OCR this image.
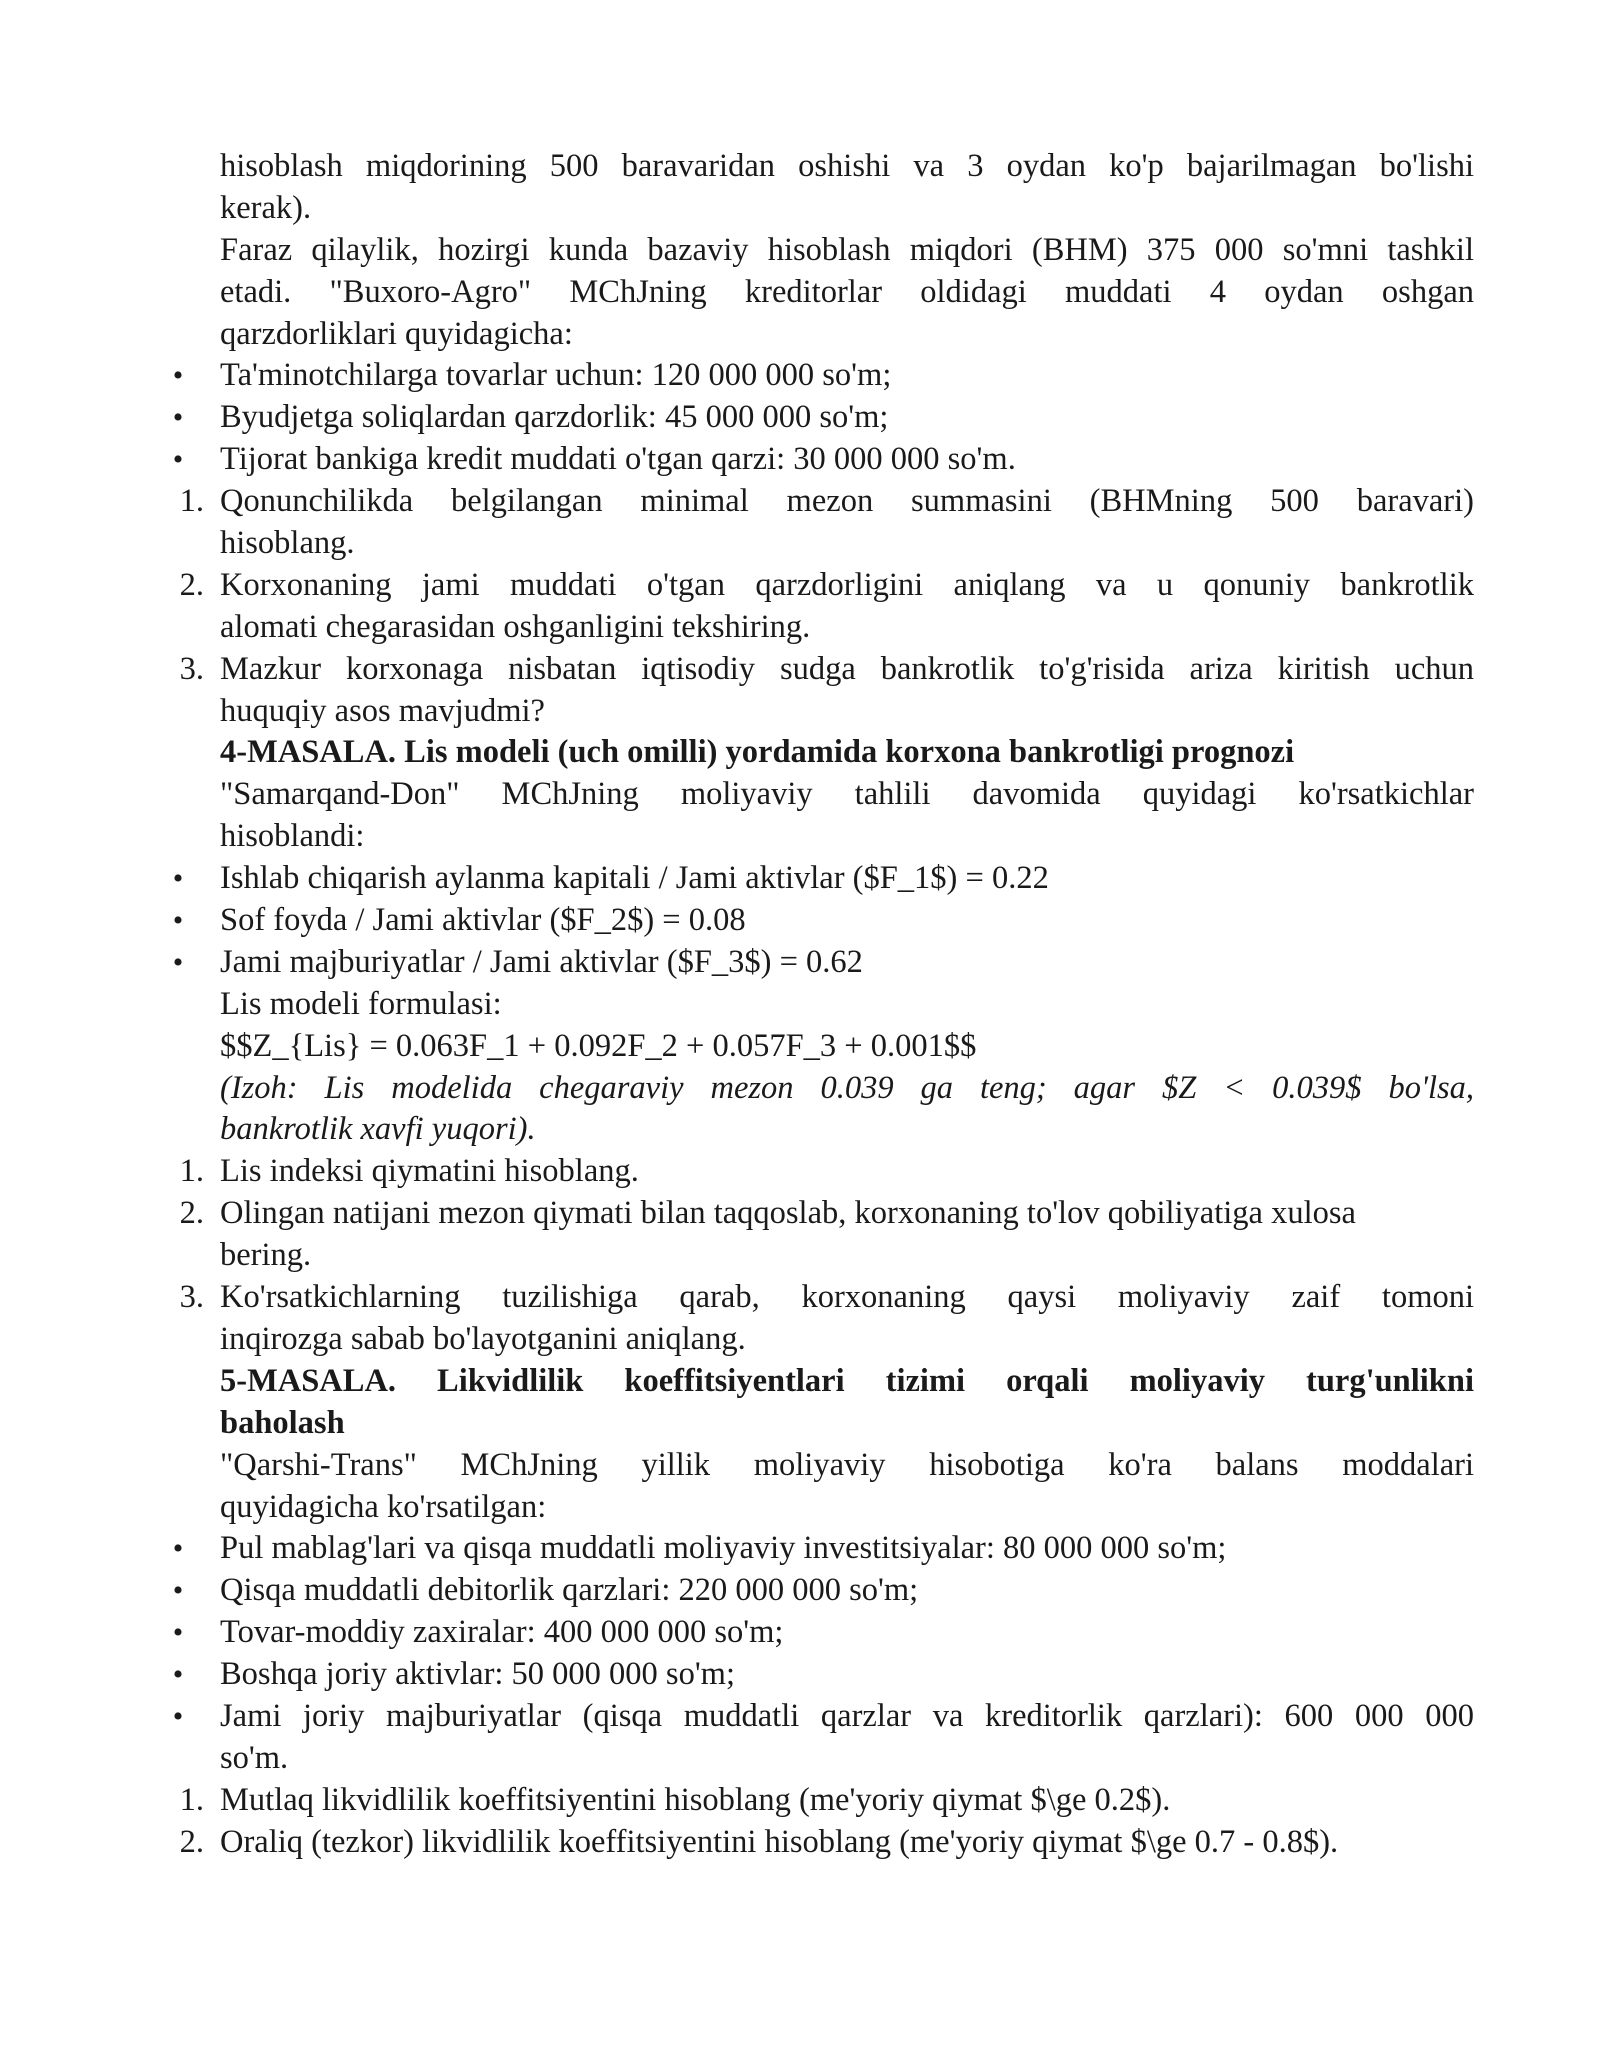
hisoblash miqdorining 500 baravaridan oshishi va 3 oydan ko'p bajarilmagan bo'lishi
kerak).
Faraz qilaylik, hozirgi kunda bazaviy hisoblash miqdori (BHM) 375 000 so'mni tashkil
etadi. "Buxoro-Agro" MChJning kreditorlar oldidagi muddati 4 oydan oshgan
qarzdorliklari quyidagicha:
•	Ta'minotchilarga tovarlar uchun: 120 000 000 so'm;
•	Byudjetga soliqlardan qarzdorlik: 45 000 000 so'm;
•	Tijorat bankiga kredit muddati o'tgan qarzi: 30 000 000 so'm.
1. Qonunchilikda belgilangan minimal mezon summasini (BHMning 500 baravari)
hisoblang.
2. Korxonaning jami muddati o'tgan qarzdorligini aniqlang va u qonuniy bankrotlik
alomati chegarasidan oshganligini tekshiring.
3. Mazkur korxonaga nisbatan iqtisodiy sudga bankrotlik to'g'risida ariza kiritish uchun
huquqiy asos mavjudmi?
4-MASALA. Lis modeli (uch omilli) yordamida korxona bankrotligi prognozi
"Samarqand-Don" MChJning moliyaviy tahlili davomida quyidagi ko'rsatkichlar
hisoblandi:
•	Ishlab chiqarish aylanma kapitali / Jami aktivlar ($F_1$) = 0.22
•	Sof foyda / Jami aktivlar ($F_2$) = 0.08
•	Jami majburiyatlar / Jami aktivlar ($F_3$) = 0.62
Lis modeli formulasi:
$$Z_{Lis} = 0.063F_1 + 0.092F_2 + 0.057F_3 + 0.001$$
(Izoh: Lis modelida chegaraviy mezon 0.039 ga teng; agar $Z < 0.039$ bo'lsa,
bankrotlik xavfi yuqori).
1. Lis indeksi qiymatini hisoblang.
2. Olingan natijani mezon qiymati bilan taqqoslab, korxonaning to'lov qobiliyatiga xulosa
bering.
3. Ko'rsatkichlarning tuzilishiga qarab, korxonaning qaysi moliyaviy zaif tomoni
inqirozga sabab bo'layotganini aniqlang.
5-MASALA. Likvidlilik koeffitsiyentlari tizimi orqali moliyaviy turg'unlikni
baholash
"Qarshi-Trans" MChJning yillik moliyaviy hisobotiga ko'ra balans moddalari
quyidagicha ko'rsatilgan:
•	Pul mablag'lari va qisqa muddatli moliyaviy investitsiyalar: 80 000 000 so'm;
•	Qisqa muddatli debitorlik qarzlari: 220 000 000 so'm;
•	Tovar-moddiy zaxiralar: 400 000 000 so'm;
•	Boshqa joriy aktivlar: 50 000 000 so'm;
•	Jami joriy majburiyatlar (qisqa muddatli qarzlar va kreditorlik qarzlari): 600 000 000
so'm.
1. Mutlaq likvidlilik koeffitsiyentini hisoblang (me'yoriy qiymat $\ge 0.2$).
2. Oraliq (tezkor) likvidlilik koeffitsiyentini hisoblang (me'yoriy qiymat $\ge 0.7 - 0.8$).
